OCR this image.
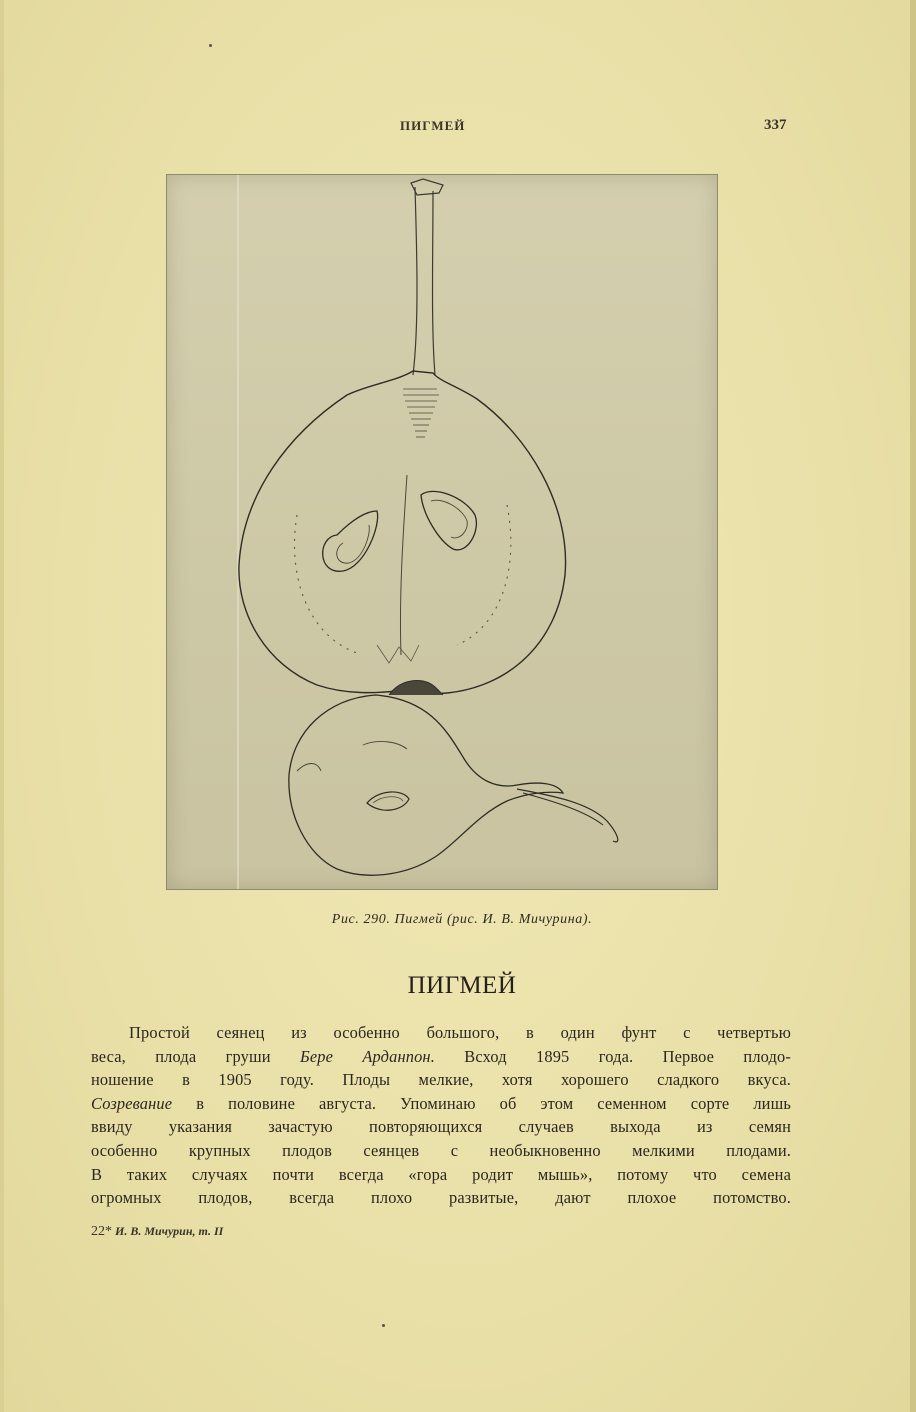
ПИГМЕЙ	337
Рис. 290. Пигмей (рис. И. В. Мичурина).
ПИГМЕЙ
Простой сеянец из особенно большого, в один фунт с четвертью
веса, плода груши Бере Арданпон. Всход 1895 года. Первое плодо-
ношение в 1905 году. Плоды мелкие, хотя хорошего сладкого вкуса.
Созревание в половине августа. Упоминаю об этом семенном сорте лишь
ввиду указания зачастую повторяющихся случаев выхода из семян
особенно крупных плодов сеянцев с необыкновенно мелкими плодами.
В таких случаях почти всегда «гора родит мышь», потому что семена
огромных плодов, всегда плохо развитые, дают плохое потомство.
22* И. В. Мичурин, т. II
